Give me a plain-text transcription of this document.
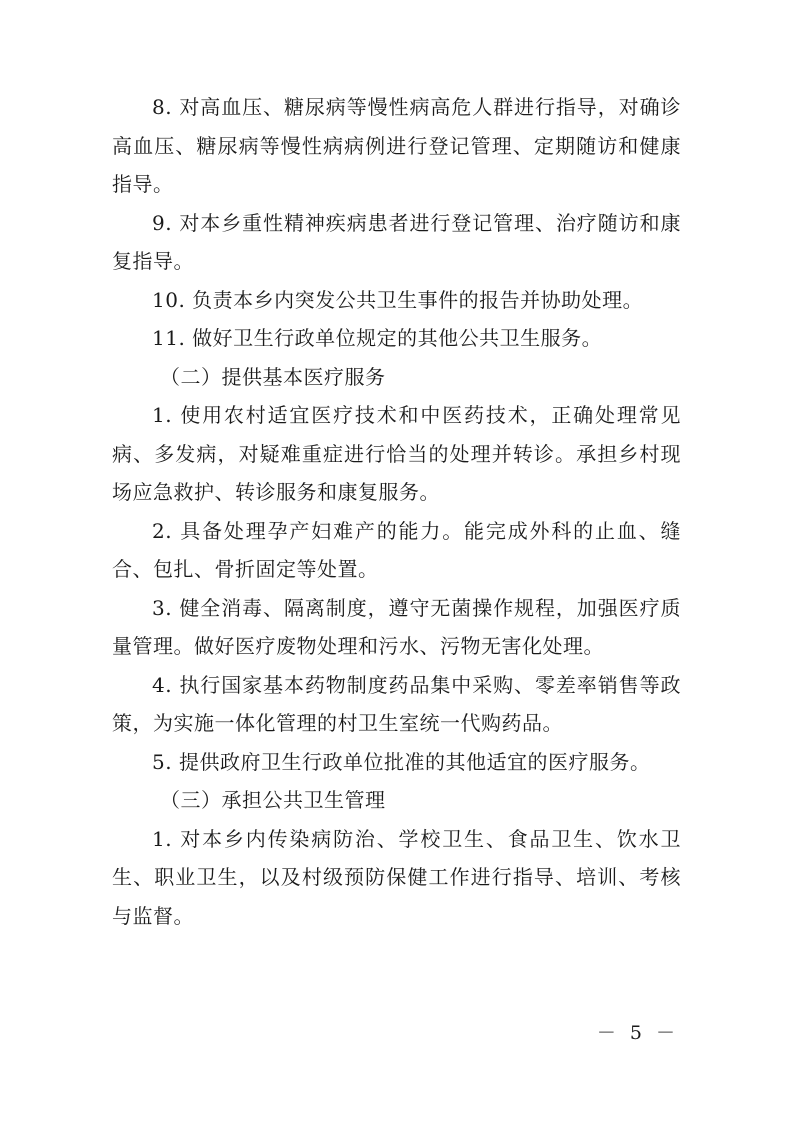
8. 对高血压、糖尿病等慢性病高危人群进行指导，对确诊高血压、糖尿病等慢性病病例进行登记管理、定期随访和健康指导。

9. 对本乡重性精神疾病患者进行登记管理、治疗随访和康复指导。

10. 负责本乡内突发公共卫生事件的报告并协助处理。

11. 做好卫生行政单位规定的其他公共卫生服务。

（二）提供基本医疗服务

1. 使用农村适宜医疗技术和中医药技术，正确处理常见病、多发病，对疑难重症进行恰当的处理并转诊。承担乡村现场应急救护、转诊服务和康复服务。

2. 具备处理孕产妇难产的能力。能完成外科的止血、缝合、包扎、骨折固定等处置。

3. 健全消毒、隔离制度，遵守无菌操作规程，加强医疗质量管理。做好医疗废物处理和污水、污物无害化处理。

4. 执行国家基本药物制度药品集中采购、零差率销售等政策，为实施一体化管理的村卫生室统一代购药品。

5. 提供政府卫生行政单位批准的其他适宜的医疗服务。

（三）承担公共卫生管理

1. 对本乡内传染病防治、学校卫生、食品卫生、饮水卫生、职业卫生，以及村级预防保健工作进行指导、培训、考核与监督。

－ 5 －
